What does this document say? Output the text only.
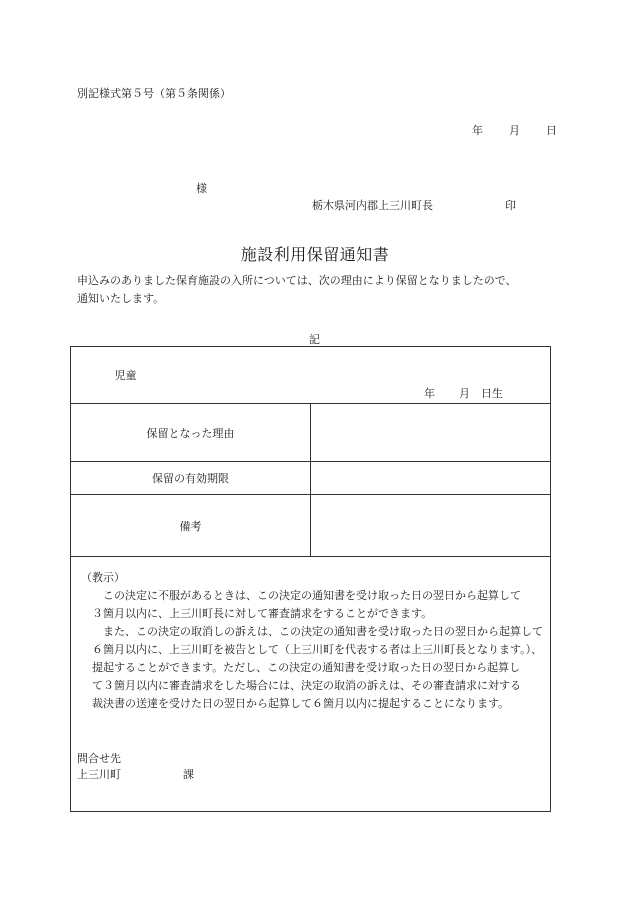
別記様式第５号（第５条関係）
年 月 日
様
栃木県河内郡上三川町長	印
施設利用保留通知書
申込みのありました保育施設の入所については、次の理由により保留となりましたので、
通知いたします。
記
児童
年 月 日生	

保留となった理由	
保留の有効期限	
備考	
（教示）
　　この決定に不服があるときは、この決定の通知書を受け取った日の翌日から起算して
　３箇月以内に、上三川町長に対して審査請求をすることができます。
　　また、この決定の取消しの訴えは、この決定の通知書を受け取った日の翌日から起算して
　６箇月以内に、上三川町を被告として（上三川町を代表する者は上三川町長となります。）、
　提起することができます。ただし、この決定の通知書を受け取った日の翌日から起算し
　て３箇月以内に審査請求をした場合には、決定の取消の訴えは、その審査請求に対する
　裁決書の送達を受けた日の翌日から起算して６箇月以内に提起することになります。
問合せ先
上三川町	課
